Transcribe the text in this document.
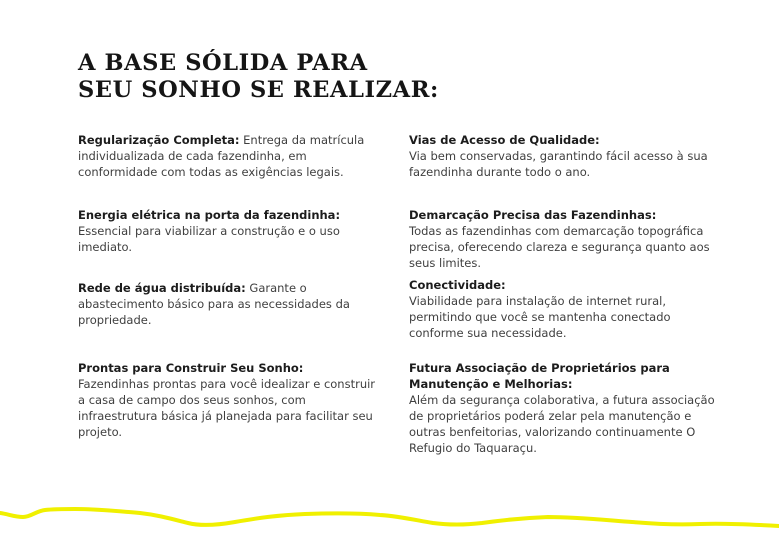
A BASE SÓLIDA PARA
SEU SONHO SE REALIZAR:
Regularização Completa: Entrega da matrícula individualizada de cada fazendinha, em conformidade com todas as exigências legais.
Energia elétrica na porta da fazendinha:
Essencial para viabilizar a construção e o uso imediato.
Rede de água distribuída: Garante o abastecimento básico para as necessidades da propriedade.
Prontas para Construir Seu Sonho:
Fazendinhas prontas para você idealizar e construir a casa de campo dos seus sonhos, com infraestrutura básica já planejada para facilitar seu projeto.
Vias de Acesso de Qualidade:
Via bem conservadas, garantindo fácil acesso à sua fazendinha durante todo o ano.
Demarcação Precisa das Fazendinhas:
Todas as fazendinhas com demarcação topográfica precisa, oferecendo clareza e segurança quanto aos seus limites.
Conectividade:
Viabilidade para instalação de internet rural, permitindo que você se mantenha conectado conforme sua necessidade.
Futura Associação de Proprietários para Manutenção e Melhorias:
Além da segurança colaborativa, a futura associação de proprietários poderá zelar pela manutenção e outras benfeitorias, valorizando continuamente O Refugio do Taquaraçu.
